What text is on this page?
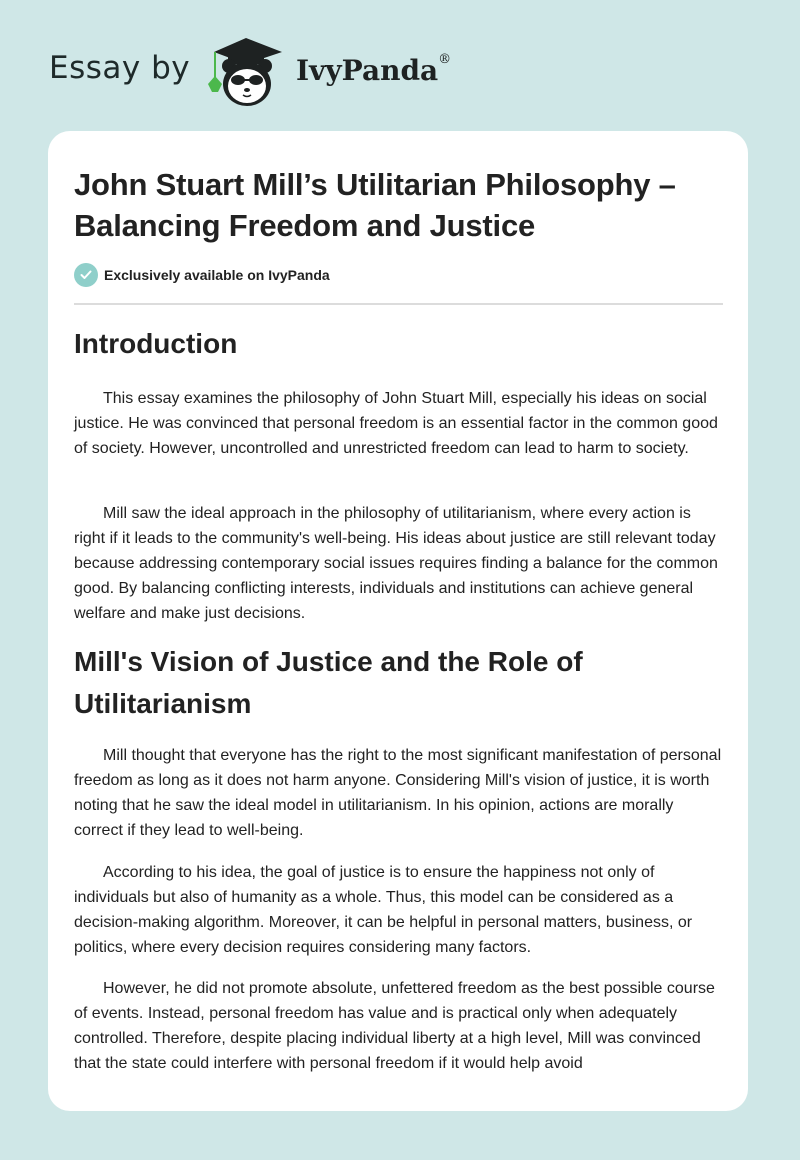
Essay by	IvyPanda®
John Stuart Mill’s Utilitarian Philosophy – Balancing Freedom and Justice
Exclusively available on IvyPanda
Introduction

This essay examines the philosophy of John Stuart Mill, especially his ideas on social justice. He was convinced that personal freedom is an essential factor in the common good of society. However, uncontrolled and unrestricted freedom can lead to harm to society.

Mill saw the ideal approach in the philosophy of utilitarianism, where every action is right if it leads to the community's well-being. His ideas about justice are still relevant today because addressing contemporary social issues requires finding a balance for the common good. By balancing conflicting interests, individuals and institutions can achieve general welfare and make just decisions.

Mill's Vision of Justice and the Role of Utilitarianism

Mill thought that everyone has the right to the most significant manifestation of personal freedom as long as it does not harm anyone. Considering Mill's vision of justice, it is worth noting that he saw the ideal model in utilitarianism. In his opinion, actions are morally correct if they lead to well-being.

According to his idea, the goal of justice is to ensure the happiness not only of individuals but also of humanity as a whole. Thus, this model can be considered as a decision-making algorithm. Moreover, it can be helpful in personal matters, business, or politics, where every decision requires considering many factors.

However, he did not promote absolute, unfettered freedom as the best possible course of events. Instead, personal freedom has value and is practical only when adequately controlled. Therefore, despite placing individual liberty at a high level, Mill was convinced that the state could interfere with personal freedom if it would help avoid
